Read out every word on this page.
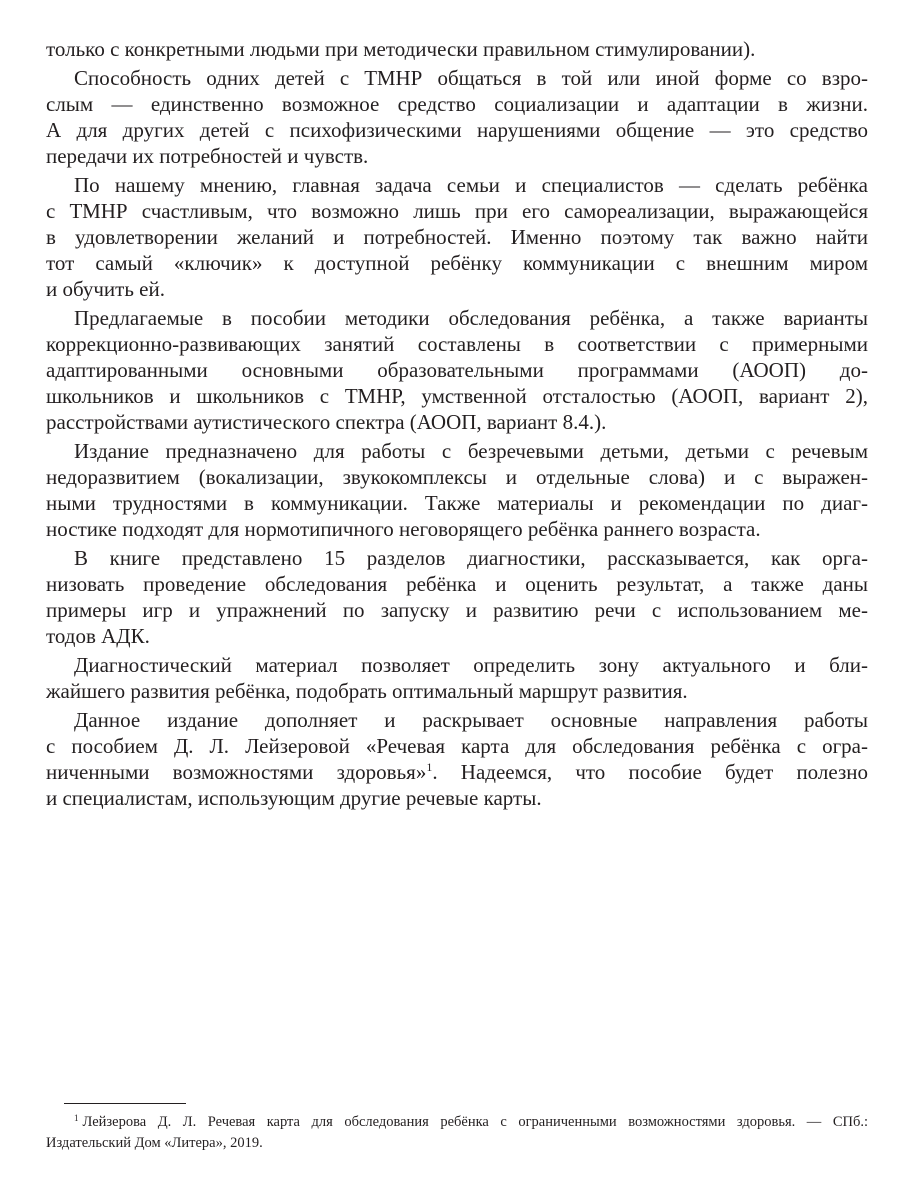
только с конкретными людьми при методически правильном стимулировании).

Способность одних детей с ТМНР общаться в той или иной форме со взро-
слым — единственно возможное средство социализации и адаптации в жизни.
А для других детей с психофизическими нарушениями общение — это средство
передачи их потребностей и чувств.

По нашему мнению, главная задача семьи и специалистов — сделать ребёнка
с ТМНР счастливым, что возможно лишь при его самореализации, выражающейся
в удовлетворении желаний и потребностей. Именно поэтому так важно найти
тот самый «ключик» к доступной ребёнку коммуникации с внешним миром
и обучить ей.

Предлагаемые в пособии методики обследования ребёнка, а также варианты
коррекционно-развивающих занятий составлены в соответствии с примерными
адаптированными основными образовательными программами (АООП) до-
школьников и школьников с ТМНР, умственной отсталостью (АООП, вариант 2),
расстройствами аутистического спектра (АООП, вариант 8.4.).

Издание предназначено для работы с безречевыми детьми, детьми с речевым
недоразвитием (вокализации, звукокомплексы и отдельные слова) и с выражен-
ными трудностями в коммуникации. Также материалы и рекомендации по диаг-
ностике подходят для нормотипичного неговорящего ребёнка раннего возраста.

В книге представлено 15 разделов диагностики, рассказывается, как орга-
низовать проведение обследования ребёнка и оценить результат, а также даны
примеры игр и упражнений по запуску и развитию речи с использованием ме-
тодов АДК.

Диагностический материал позволяет определить зону актуального и бли-
жайшего развития ребёнка, подобрать оптимальный маршрут развития.

Данное издание дополняет и раскрывает основные направления работы
с пособием Д. Л. Лейзеровой «Речевая карта для обследования ребёнка с огра-
ниченными возможностями здоровья»$^1$. Надеемся, что пособие будет полезно
и специалистам, использующим другие речевые карты.

$^1$ Лейзерова Д. Л. Речевая карта для обследования ребёнка с ограниченными возможностями здоровья. — СПб.:
Издательский Дом «Литера», 2019.
